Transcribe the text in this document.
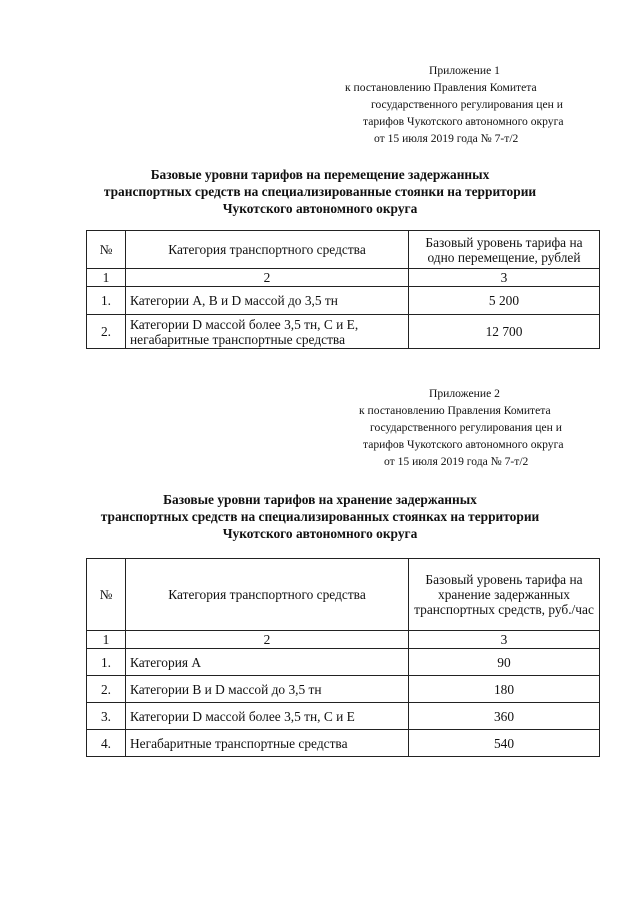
Приложение 1
к постановлению Правления Комитета
государственного регулирования цен и
тарифов Чукотского автономного округа
от 15 июля 2019 года № 7-т/2
Базовые уровни тарифов на перемещение задержанных
транспортных средств на специализированные стоянки на территории
Чукотского автономного округа
№	Категория транспортного средства	Базовый уровень тарифа на одно перемещение, рублей
1	2	3
1.	Категории А, В и D массой до 3,5 тн	5 200
2.	Категории D массой более 3,5 тн, С и Е, негабаритные транспортные средства	12 700
Приложение 2
к постановлению Правления Комитета
государственного регулирования цен и
тарифов Чукотского автономного округа
от 15 июля 2019 года № 7-т/2
Базовые уровни тарифов на хранение задержанных
транспортных средств на специализированных стоянках на территории
Чукотского автономного округа
№	Категория транспортного средства	Базовый уровень тарифа на хранение задержанных транспортных средств, руб./час
1	2	3
1.	Категория А	90
2.	Категории В и D массой до 3,5 тн	180
3.	Категории D массой более 3,5 тн, С и Е	360
4.	Негабаритные транспортные средства	540
